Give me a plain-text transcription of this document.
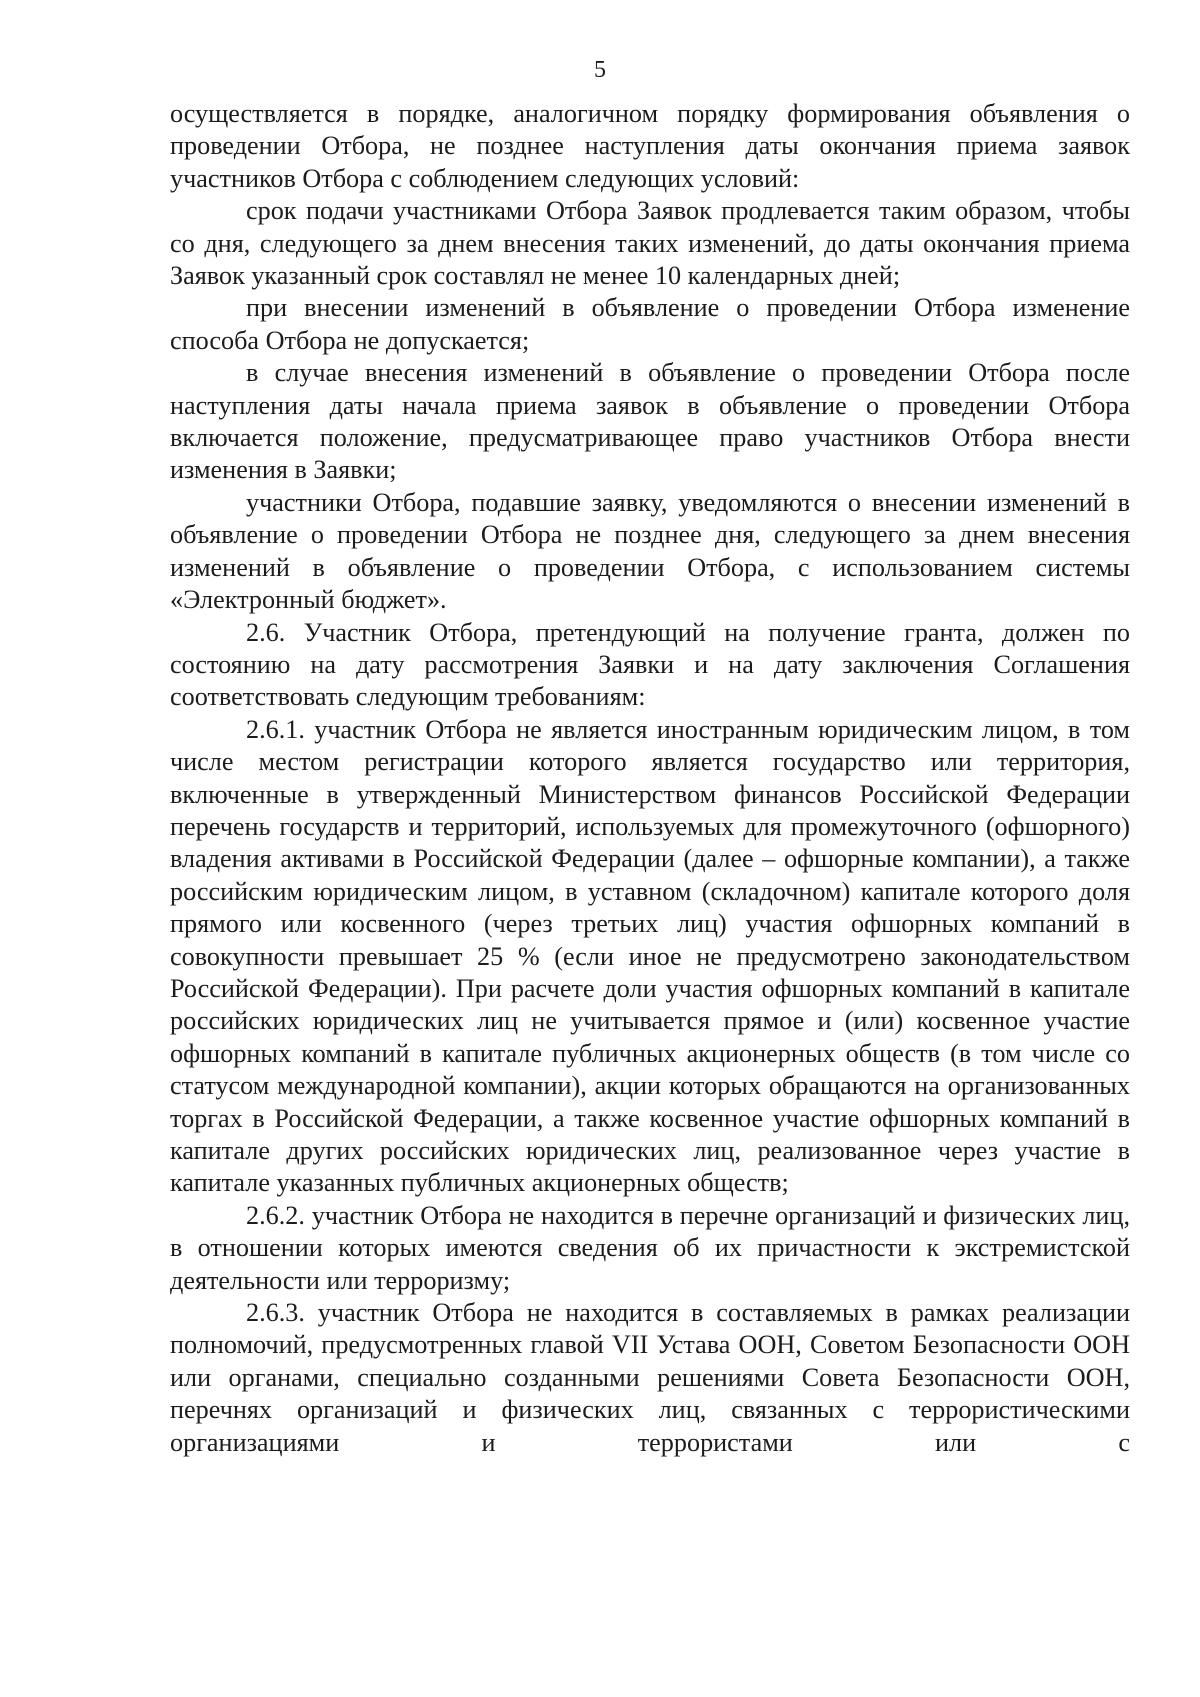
5

осуществляется в порядке, аналогичном порядку формирования объявления о проведении Отбора, не позднее наступления даты окончания приема заявок участников Отбора с соблюдением следующих условий:

срок подачи участниками Отбора Заявок продлевается таким образом, чтобы со дня, следующего за днем внесения таких изменений, до даты окончания приема Заявок указанный срок составлял не менее 10 календарных дней;

при внесении изменений в объявление о проведении Отбора изменение способа Отбора не допускается;

в случае внесения изменений в объявление о проведении Отбора после наступления даты начала приема заявок в объявление о проведении Отбора включается положение, предусматривающее право участников Отбора внести изменения в Заявки;

участники Отбора, подавшие заявку, уведомляются о внесении изменений в объявление о проведении Отбора не позднее дня, следующего за днем внесения изменений в объявление о проведении Отбора, с использованием системы «Электронный бюджет».

2.6. Участник Отбора, претендующий на получение гранта, должен по состоянию на дату рассмотрения Заявки и на дату заключения Соглашения соответствовать следующим требованиям:

2.6.1. участник Отбора не является иностранным юридическим лицом, в том числе местом регистрации которого является государство или территория, включенные в утвержденный Министерством финансов Российской Федерации перечень государств и территорий, используемых для промежуточного (офшорного) владения активами в Российской Федерации (далее – офшорные компании), а также российским юридическим лицом, в уставном (складочном) капитале которого доля прямого или косвенного (через третьих лиц) участия офшорных компаний в совокупности превышает 25 % (если иное не предусмотрено законодательством Российской Федерации). При расчете доли участия офшорных компаний в капитале российских юридических лиц не учитывается прямое и (или) косвенное участие офшорных компаний в капитале публичных акционерных обществ (в том числе со статусом международной компании), акции которых обращаются на организованных торгах в Российской Федерации, а также косвенное участие офшорных компаний в капитале других российских юридических лиц, реализованное через участие в капитале указанных публичных акционерных обществ;

2.6.2. участник Отбора не находится в перечне организаций и физических лиц, в отношении которых имеются сведения об их причастности к экстремистской деятельности или терроризму;

2.6.3. участник Отбора не находится в составляемых в рамках реализации полномочий, предусмотренных главой VII Устава ООН, Советом Безопасности ООН или органами, специально созданными решениями Совета Безопасности ООН, перечнях организаций и физических лиц, связанных с террористическими организациями и террористами или с
